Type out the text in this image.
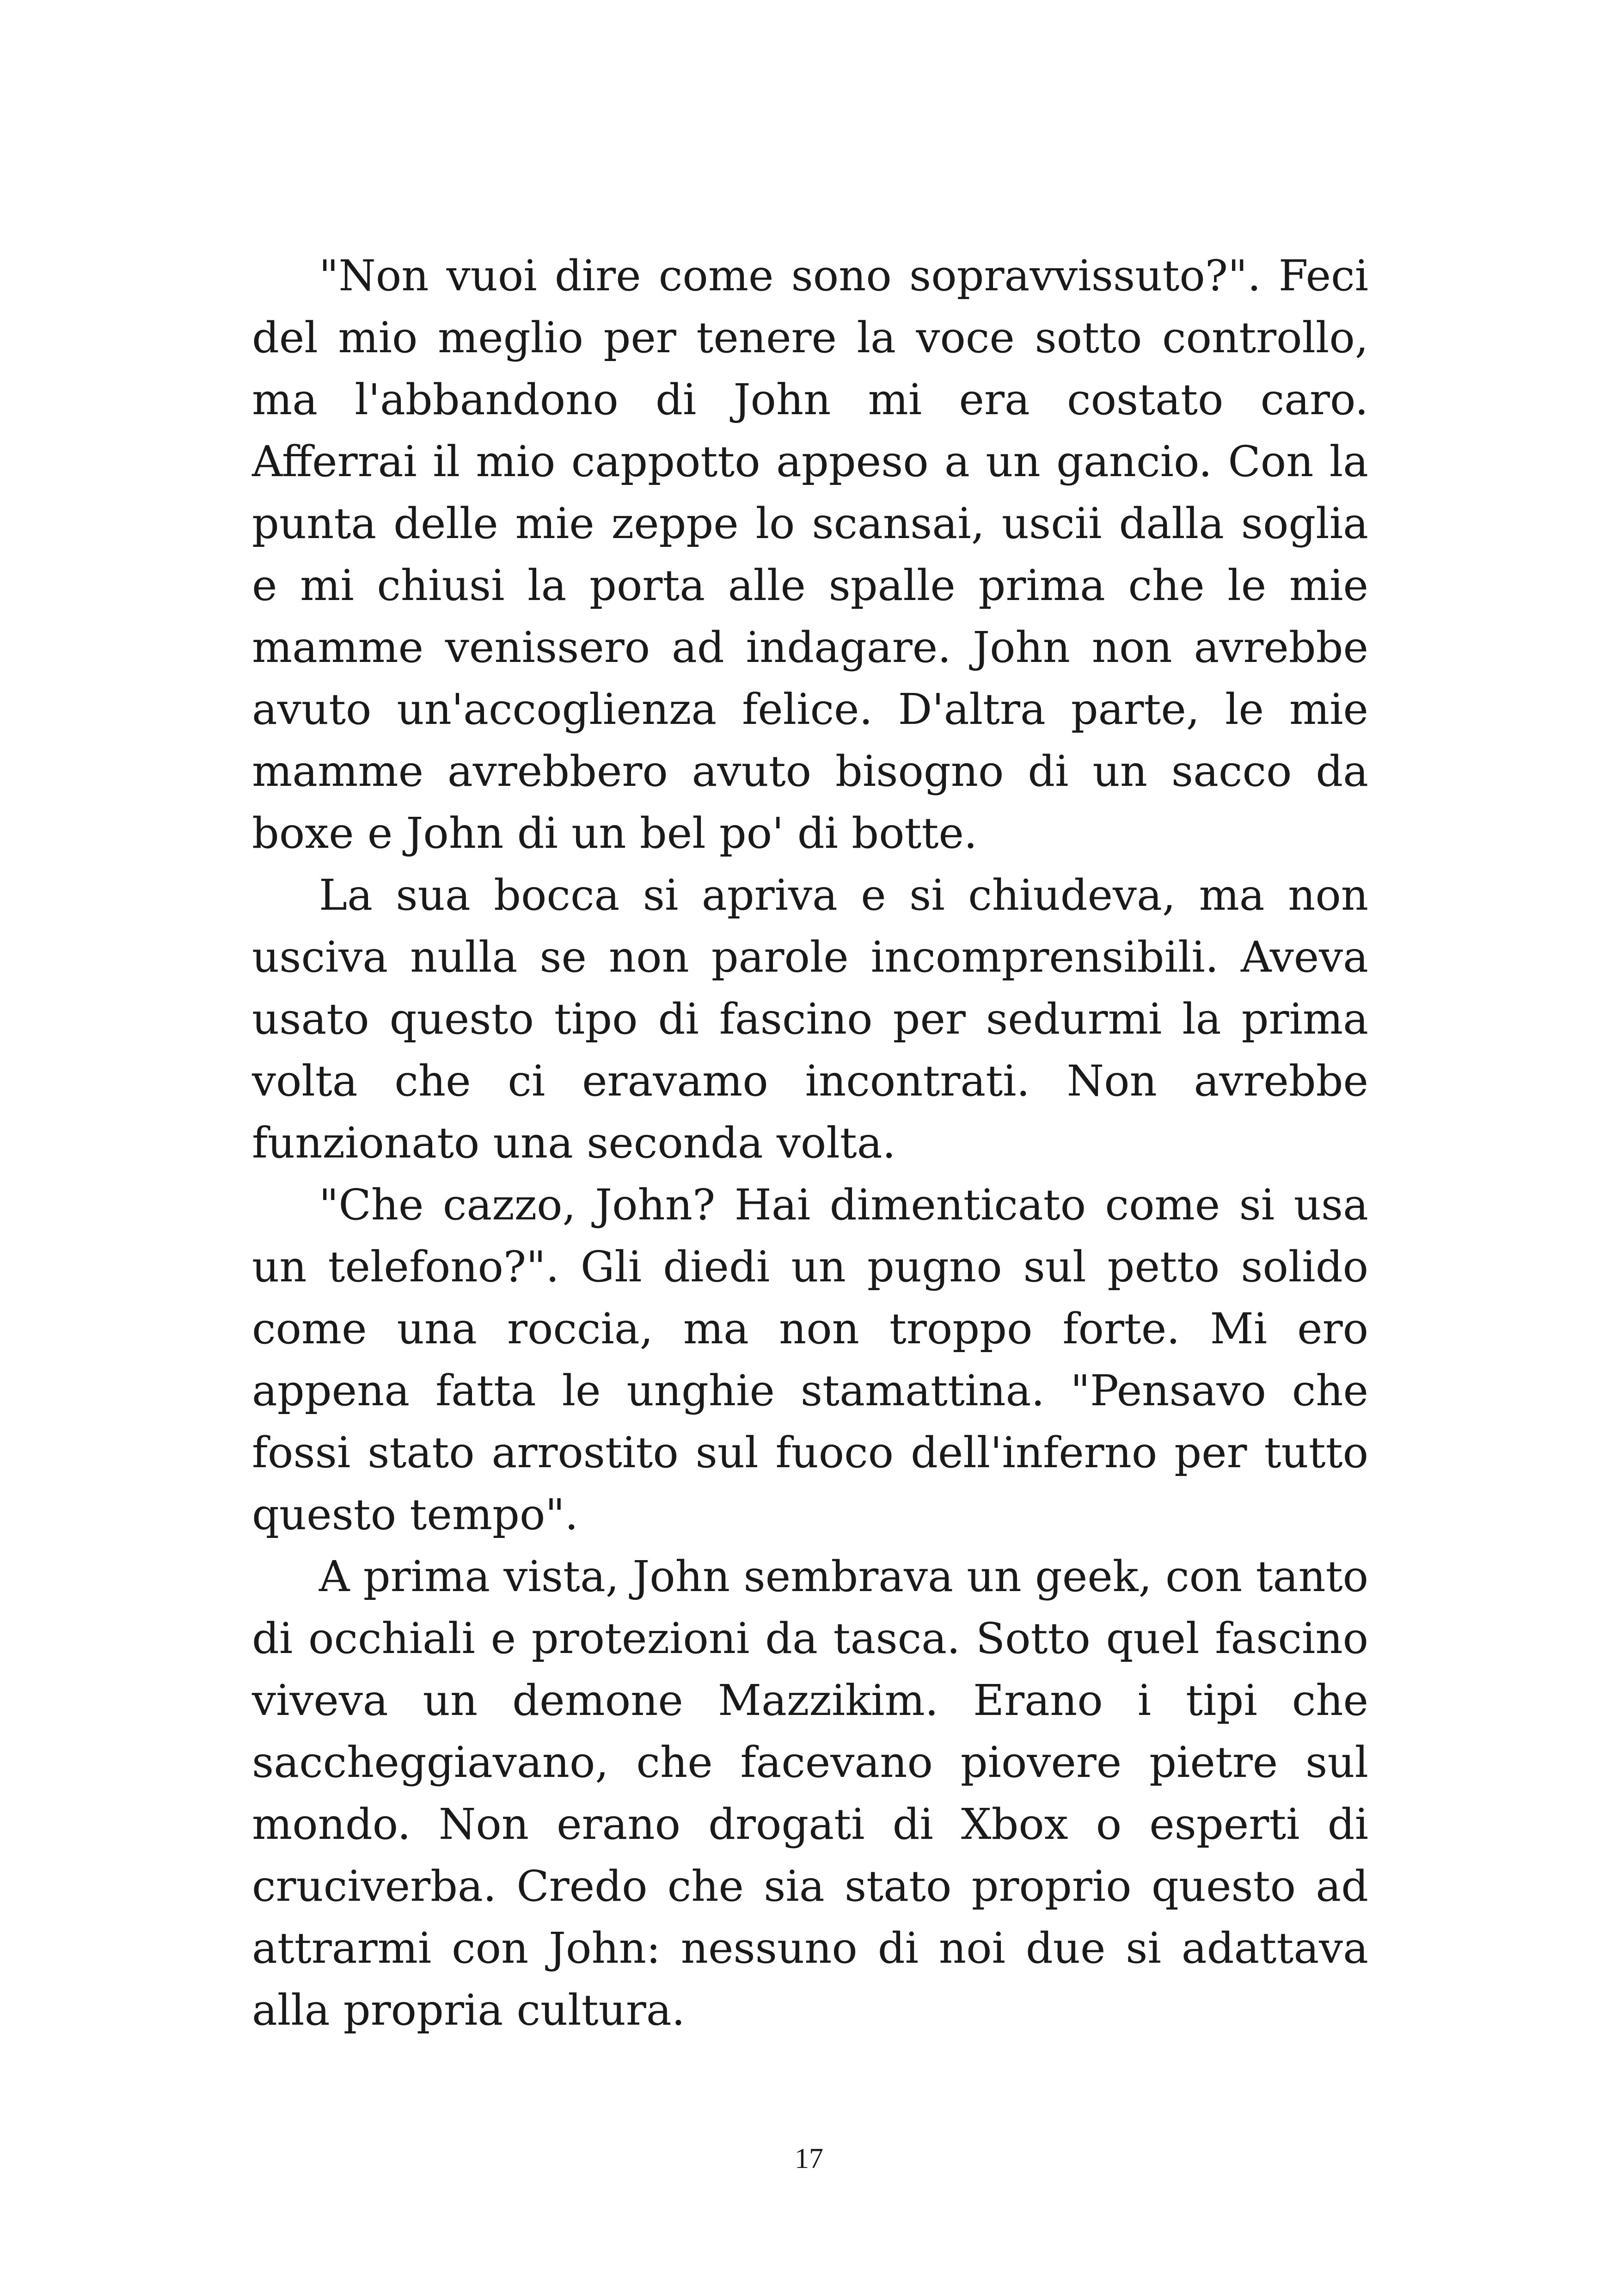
"Non vuoi dire come sono sopravvissuto?". Feci del mio meglio per tenere la voce sotto controllo, ma l'abbandono di John mi era costato caro. Afferrai il mio cappotto appeso a un gancio. Con la punta delle mie zeppe lo scansai, uscii dalla soglia e mi chiusi la porta alle spalle prima che le mie mamme venissero ad indagare. John non avrebbe avuto un'accoglienza felice. D'altra parte, le mie mamme avrebbero avuto bisogno di un sacco da boxe e John di un bel po' di botte.

La sua bocca si apriva e si chiudeva, ma non usciva nulla se non parole incomprensibili. Aveva usato questo tipo di fascino per sedurmi la prima volta che ci eravamo incontrati. Non avrebbe funzionato una seconda volta.

"Che cazzo, John? Hai dimenticato come si usa un telefono?". Gli diedi un pugno sul petto solido come una roccia, ma non troppo forte. Mi ero appena fatta le unghie stamattina. "Pensavo che fossi stato arrostito sul fuoco dell'inferno per tutto questo tempo".

A prima vista, John sembrava un geek, con tanto di occhiali e protezioni da tasca. Sotto quel fascino viveva un demone Mazzikim. Erano i tipi che saccheggiavano, che facevano piovere pietre sul mondo. Non erano drogati di Xbox o esperti di cruciverba. Credo che sia stato proprio questo ad attrarmi con John: nessuno di noi due si adattava alla propria cultura.

17
